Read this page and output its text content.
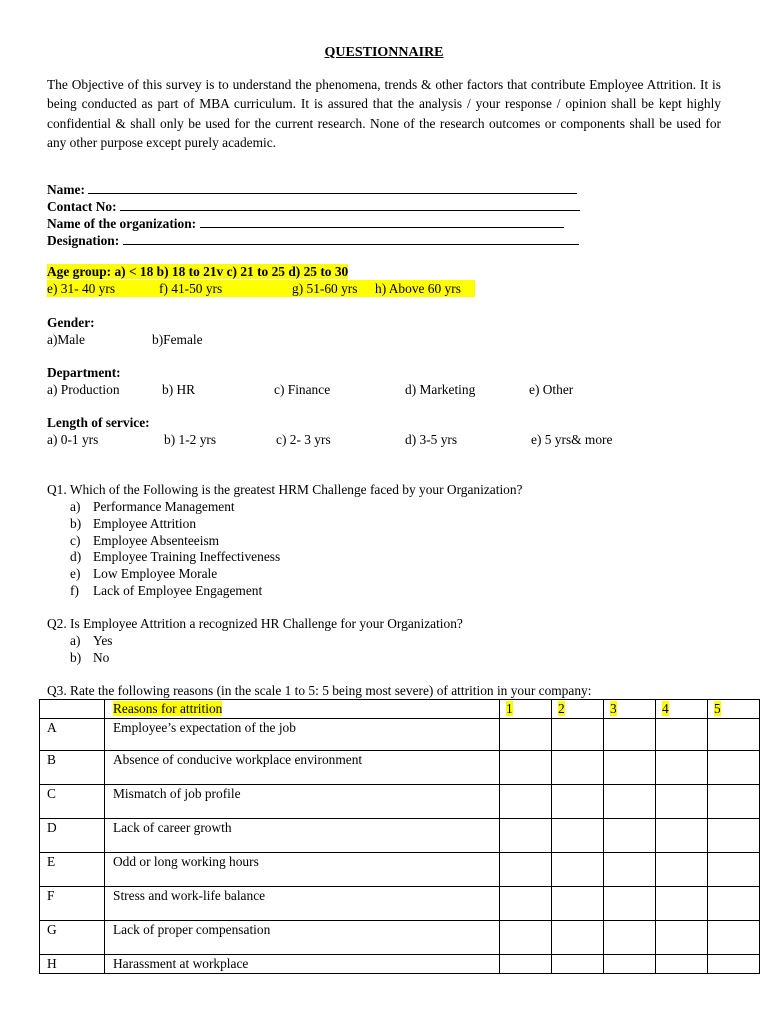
QUESTIONNAIRE
The Objective of this survey is to understand the phenomena, trends & other factors that contribute Employee Attrition. It is being conducted as part of MBA curriculum. It is assured that the analysis / your response / opinion shall be kept highly confidential & shall only be used for the current research. None of the research outcomes or components shall be used for any other purpose except purely academic.
Name:
Contact No:
Name of the organization:
Designation:
Age group: a) < 18 b) 18 to 21v c) 21 to 25 d) 25 to 30
e) 31- 40 yrs	f) 41-50 yrs	g) 51-60 yrs h) Above 60 yrs
Gender:
a)Male	b)Female
Department:
a) Production	b) HR	c) Finance	d) Marketing	e) Other
Length of service:
a) 0-1 yrs	b) 1-2 yrs	c) 2- 3 yrs	d) 3-5 yrs	e) 5 yrs& more
Q1. Which of the Following is the greatest HRM Challenge faced by your Organization?
a) Performance Management
b) Employee Attrition
c) Employee Absenteeism
d) Employee Training Ineffectiveness
e) Low Employee Morale
f) Lack of Employee Engagement
Q2. Is Employee Attrition a recognized HR Challenge for your Organization?
a) Yes
b) No
Q3. Rate the following reasons (in the scale 1 to 5: 5 being most severe) of attrition in your company:
	Reasons for attrition	1	2	3	4	5
A	Employee’s expectation of the job					
B	Absence of conducive workplace environment					
C	Mismatch of job profile					
D	Lack of career growth					
E	Odd or long working hours					
F	Stress and work-life balance					
G	Lack of proper compensation					
H	Harassment at workplace					
